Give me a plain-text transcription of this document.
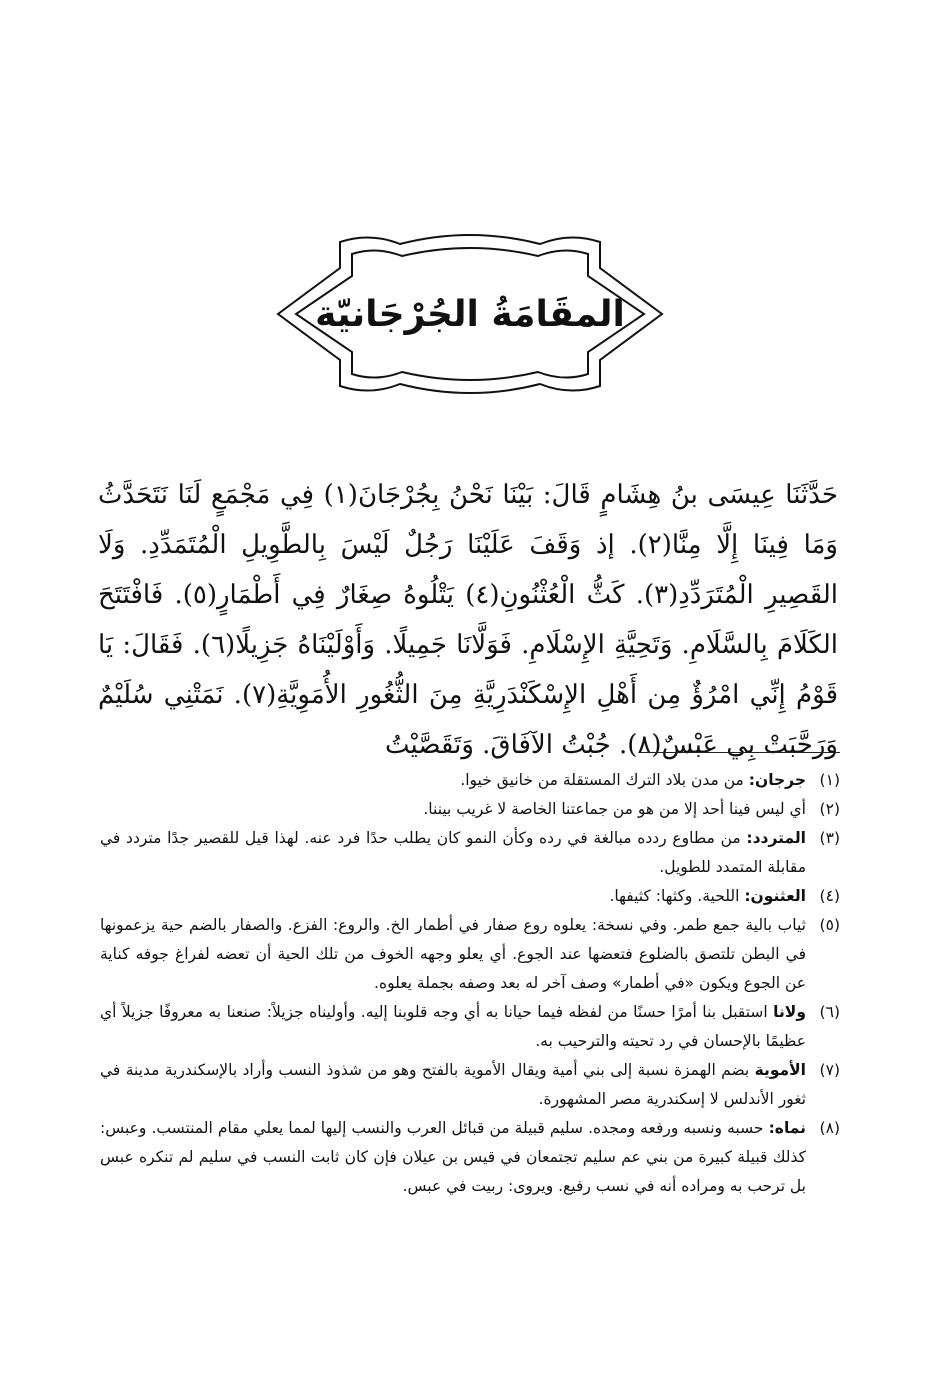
المقَامَةُ الجُرْجَانيّة
حَدَّثَنَا عِيسَى بنُ هِشَامٍ قَالَ: بَيْنَا نَحْنُ بِجُرْجَانَ(١) فِي مَجْمَعٍ لَنَا نَتَحَدَّثُ وَمَا فِينَا إِلَّا مِنَّا(٢). إذ وَقَفَ عَلَيْنَا رَجُلٌ لَيْسَ بِالطَّوِيلِ الْمُتَمَدِّدِ. وَلَا القَصِيرِ الْمُتَرَدِّدِ(٣). كَثُّ الْعُثْنُونِ(٤) يَتْلُوهُ صِغَارٌ فِي أَطْمَارٍ(٥). فَافْتَتَحَ الكَلَامَ بِالسَّلَامِ. وَتَحِيَّةِ الإِسْلَامِ. فَوَلَّانَا جَمِيلًا. وَأَوْلَيْنَاهُ جَزِيلًا(٦). فَقَالَ: يَا قَوْمُ إِنِّي امْرُؤٌ مِن أَهْلِ الإِسْكَنْدَرِيَّةِ مِنَ الثُّغُورِ الأُمَوِيَّةِ(٧). نَمَتْنِي سُلَيْمٌ وَرَحَّبَتْ بِي عَبْسٌ(٨). جُبْتُ الآفَاقَ. وَتَقَصَّيْتُ
(١)
جرجان: من مدن بلاد الترك المستقلة من خانيق خيوا.
(٢)
أي ليس فينا أحد إلا من هو من جماعتنا الخاصة لا غريب بيننا.
(٣)
المتردد: من مطاوع ردده مبالغة في رده وكأن النمو كان يطلب حدًا فرد عنه. لهذا قيل للقصير جدًا متردد في مقابلة المتمدد للطويل.
(٤)
العثنون: اللحية. وكثها: كثيفها.
(٥)
ثياب بالية جمع طمر. وفي نسخة: يعلوه روع صفار في أطمار الخ. والروع: الفزع. والصفار بالضم حية يزعمونها في البطن تلتصق بالضلوع فتعضها عند الجوع. أي يعلو وجهه الخوف من تلك الحية أن تعضه لفراغ جوفه كناية عن الجوع ويكون «في أطمار» وصف آخر له بعد وصفه بجملة يعلوه.
(٦)
ولانا استقبل بنا أمرًا حسنًا من لفظه فيما حيانا به أي وجه قلوبنا إليه. وأوليناه جزيلاً: صنعنا به معروفًا جزيلاً أي عظيمًا بالإحسان في رد تحيته والترحيب به.
(٧)
الأموية بضم الهمزة نسبة إلى بني أمية ويقال الأموية بالفتح وهو من شذوذ النسب وأراد بالإسكندرية مدينة في ثغور الأندلس لا إسكندرية مصر المشهورة.
(٨)
نماه: حسبه ونسبه ورفعه ومجده. سليم قبيلة من قبائل العرب والنسب إليها لمما يعلي مقام المنتسب. وعبس: كذلك قبيلة كبيرة من بني عم سليم تجتمعان في قيس بن عيلان فإن كان ثابت النسب في سليم لم تنكره عبس بل ترحب به ومراده أنه في نسب رفيع. ويروى: ربيت في عبس.
